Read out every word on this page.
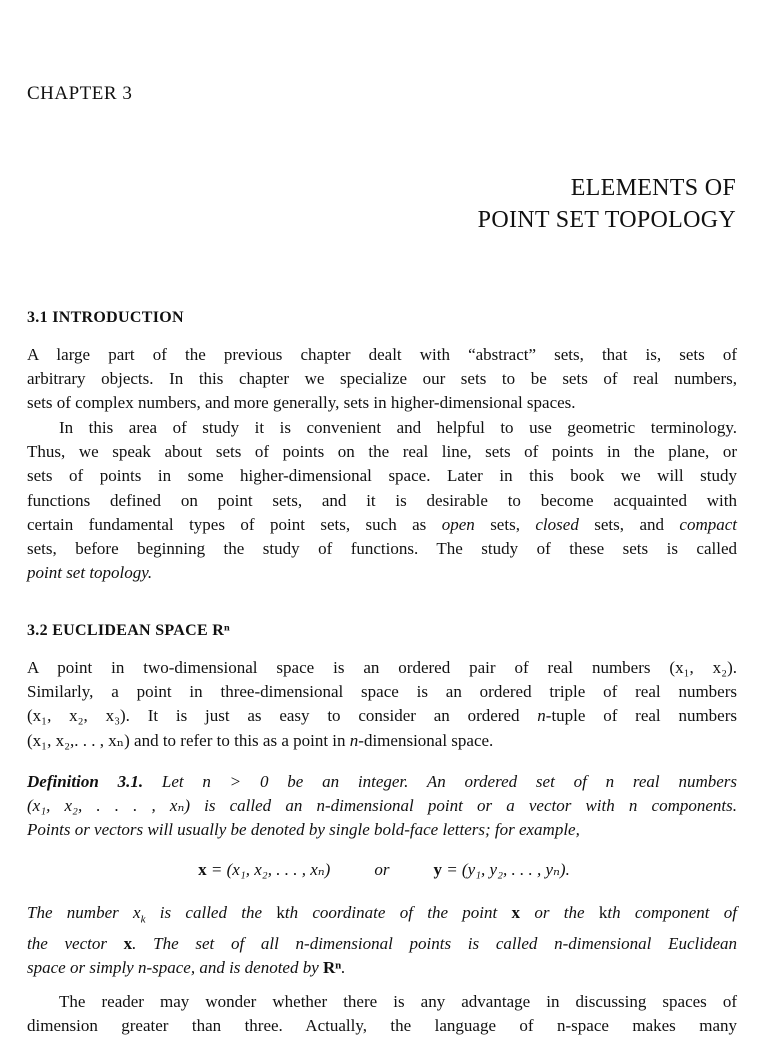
CHAPTER 3
ELEMENTS OF
POINT SET TOPOLOGY
3.1 INTRODUCTION
A large part of the previous chapter dealt with “abstract” sets, that is, sets of
arbitrary objects. In this chapter we specialize our sets to be sets of real numbers,
sets of complex numbers, and more generally, sets in higher-dimensional spaces.
In this area of study it is convenient and helpful to use geometric terminology.
Thus, we speak about sets of points on the real line, sets of points in the plane, or
sets of points in some higher-dimensional space. Later in this book we will study
functions defined on point sets, and it is desirable to become acquainted with
certain fundamental types of point sets, such as open sets, closed sets, and compact
sets, before beginning the study of functions. The study of these sets is called
point set topology.
3.2 EUCLIDEAN SPACE Rⁿ
A point in two-dimensional space is an ordered pair of real numbers (x₁, x₂).
Similarly, a point in three-dimensional space is an ordered triple of real numbers
(x₁, x₂, x₃). It is just as easy to consider an ordered n-tuple of real numbers
(x₁, x₂,. . . , xₙ) and to refer to this as a point in n-dimensional space.
Definition 3.1. Let n > 0 be an integer. An ordered set of n real numbers
(x₁, x₂, . . . , xₙ) is called an n-dimensional point or a vector with n components.
Points or vectors will usually be denoted by single bold-face letters; for example,
x = (x₁, x₂, . . . , xₙ)	or	y = (y₁, y₂, . . . , yₙ).
The number $x_k$ is called the kth coordinate of the point x or the kth component of
the vector x. The set of all n-dimensional points is called n-dimensional Euclidean
space or simply n-space, and is denoted by Rⁿ.
The reader may wonder whether there is any advantage in discussing spaces of
dimension greater than three. Actually, the language of n-space makes many
